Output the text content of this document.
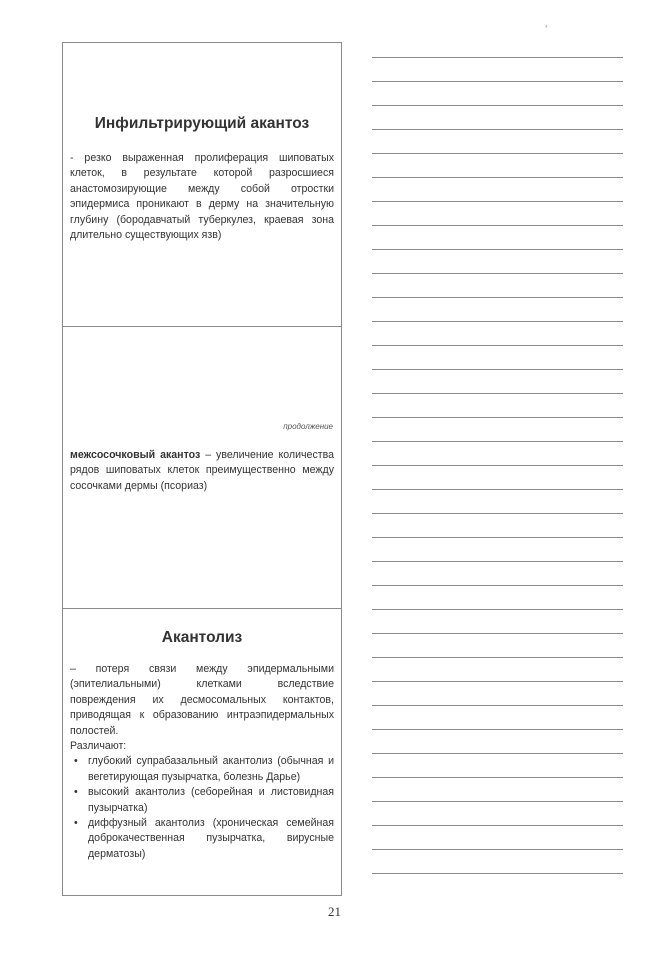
*
Инфильтрирующий акантоз

- резко выраженная пролиферация шиповатых клеток, в результате которой разросшиеся анастомозирующие между собой отростки эпидермиса проникают в дерму на значительную глубину (бородавчатый туберкулез, краевая зона длительно существующих язв)

продолжение

межсосочковый акантоз – увеличение количества рядов шиповатых клеток преимущественно между сосочками дермы (псориаз)

Акантолиз
– потеря связи между эпидермальными (эпителиальными) клетками вследствие повреждения их десмосомальных контактов, приводящая к образованию интраэпидермальных полостей.
Различают:
• глубокий супрабазальный акантолиз (обычная и вегетирующая пузырчатка, болезнь Дарье)
• высокий акантолиз (себорейная и листовидная пузырчатка)
• диффузный акантолиз (хроническая семейная доброкачественная пузырчатка, вирусные дерматозы)
21
